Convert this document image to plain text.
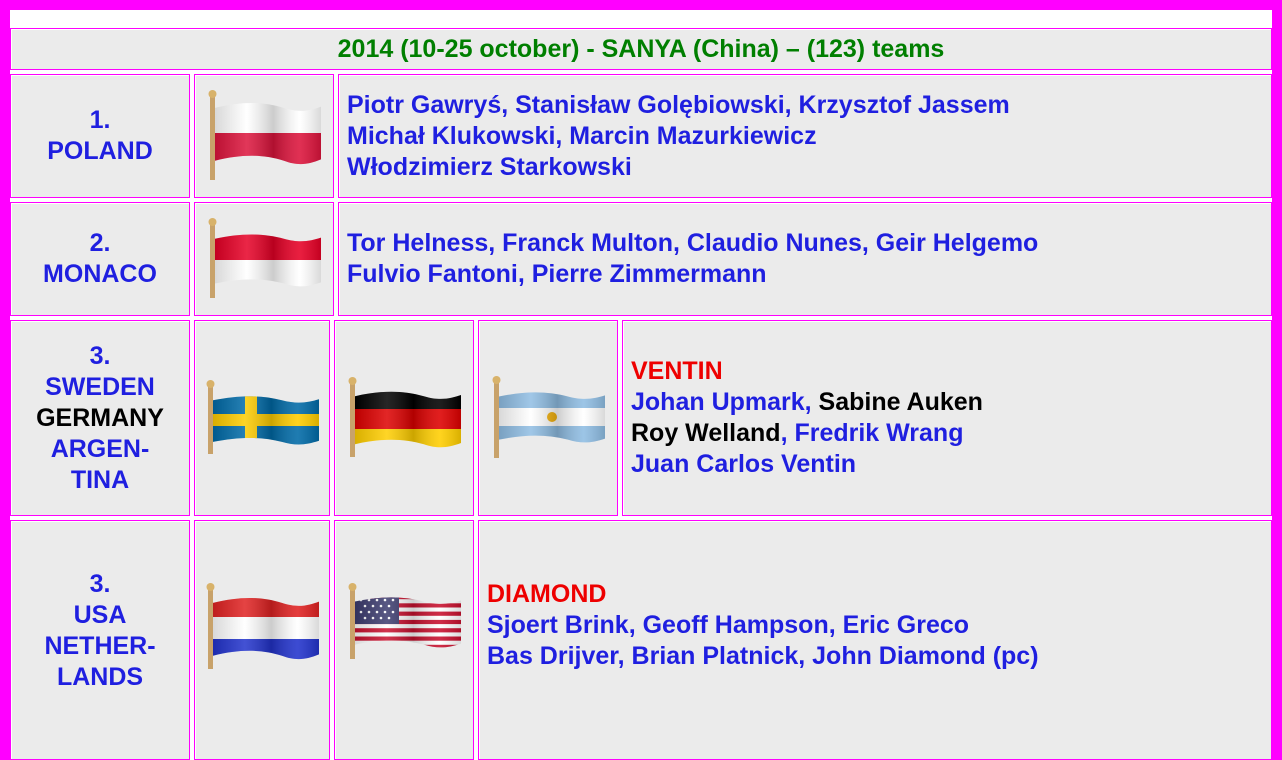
2014 (10-25 october) - SANYA (China) – (123) teams
1.
POLAND
Piotr Gawryś, Stanisław Golębiowski, Krzysztof Jassem
Michał Klukowski, Marcin Mazurkiewicz
Włodzimierz Starkowski
2.
MONACO
Tor Helness, Franck Multon, Claudio Nunes, Geir Helgemo
Fulvio Fantoni, Pierre Zimmermann
3.
SWEDEN
GERMANY
ARGEN-
TINA
VENTIN
Johan Upmark, Sabine Auken
Roy Welland, Fredrik Wrang
Juan Carlos Ventin
3.
USA
NETHER-
LANDS
DIAMOND
Sjoert Brink, Geoff Hampson, Eric Greco
Bas Drijver, Brian Platnick, John Diamond (pc)
